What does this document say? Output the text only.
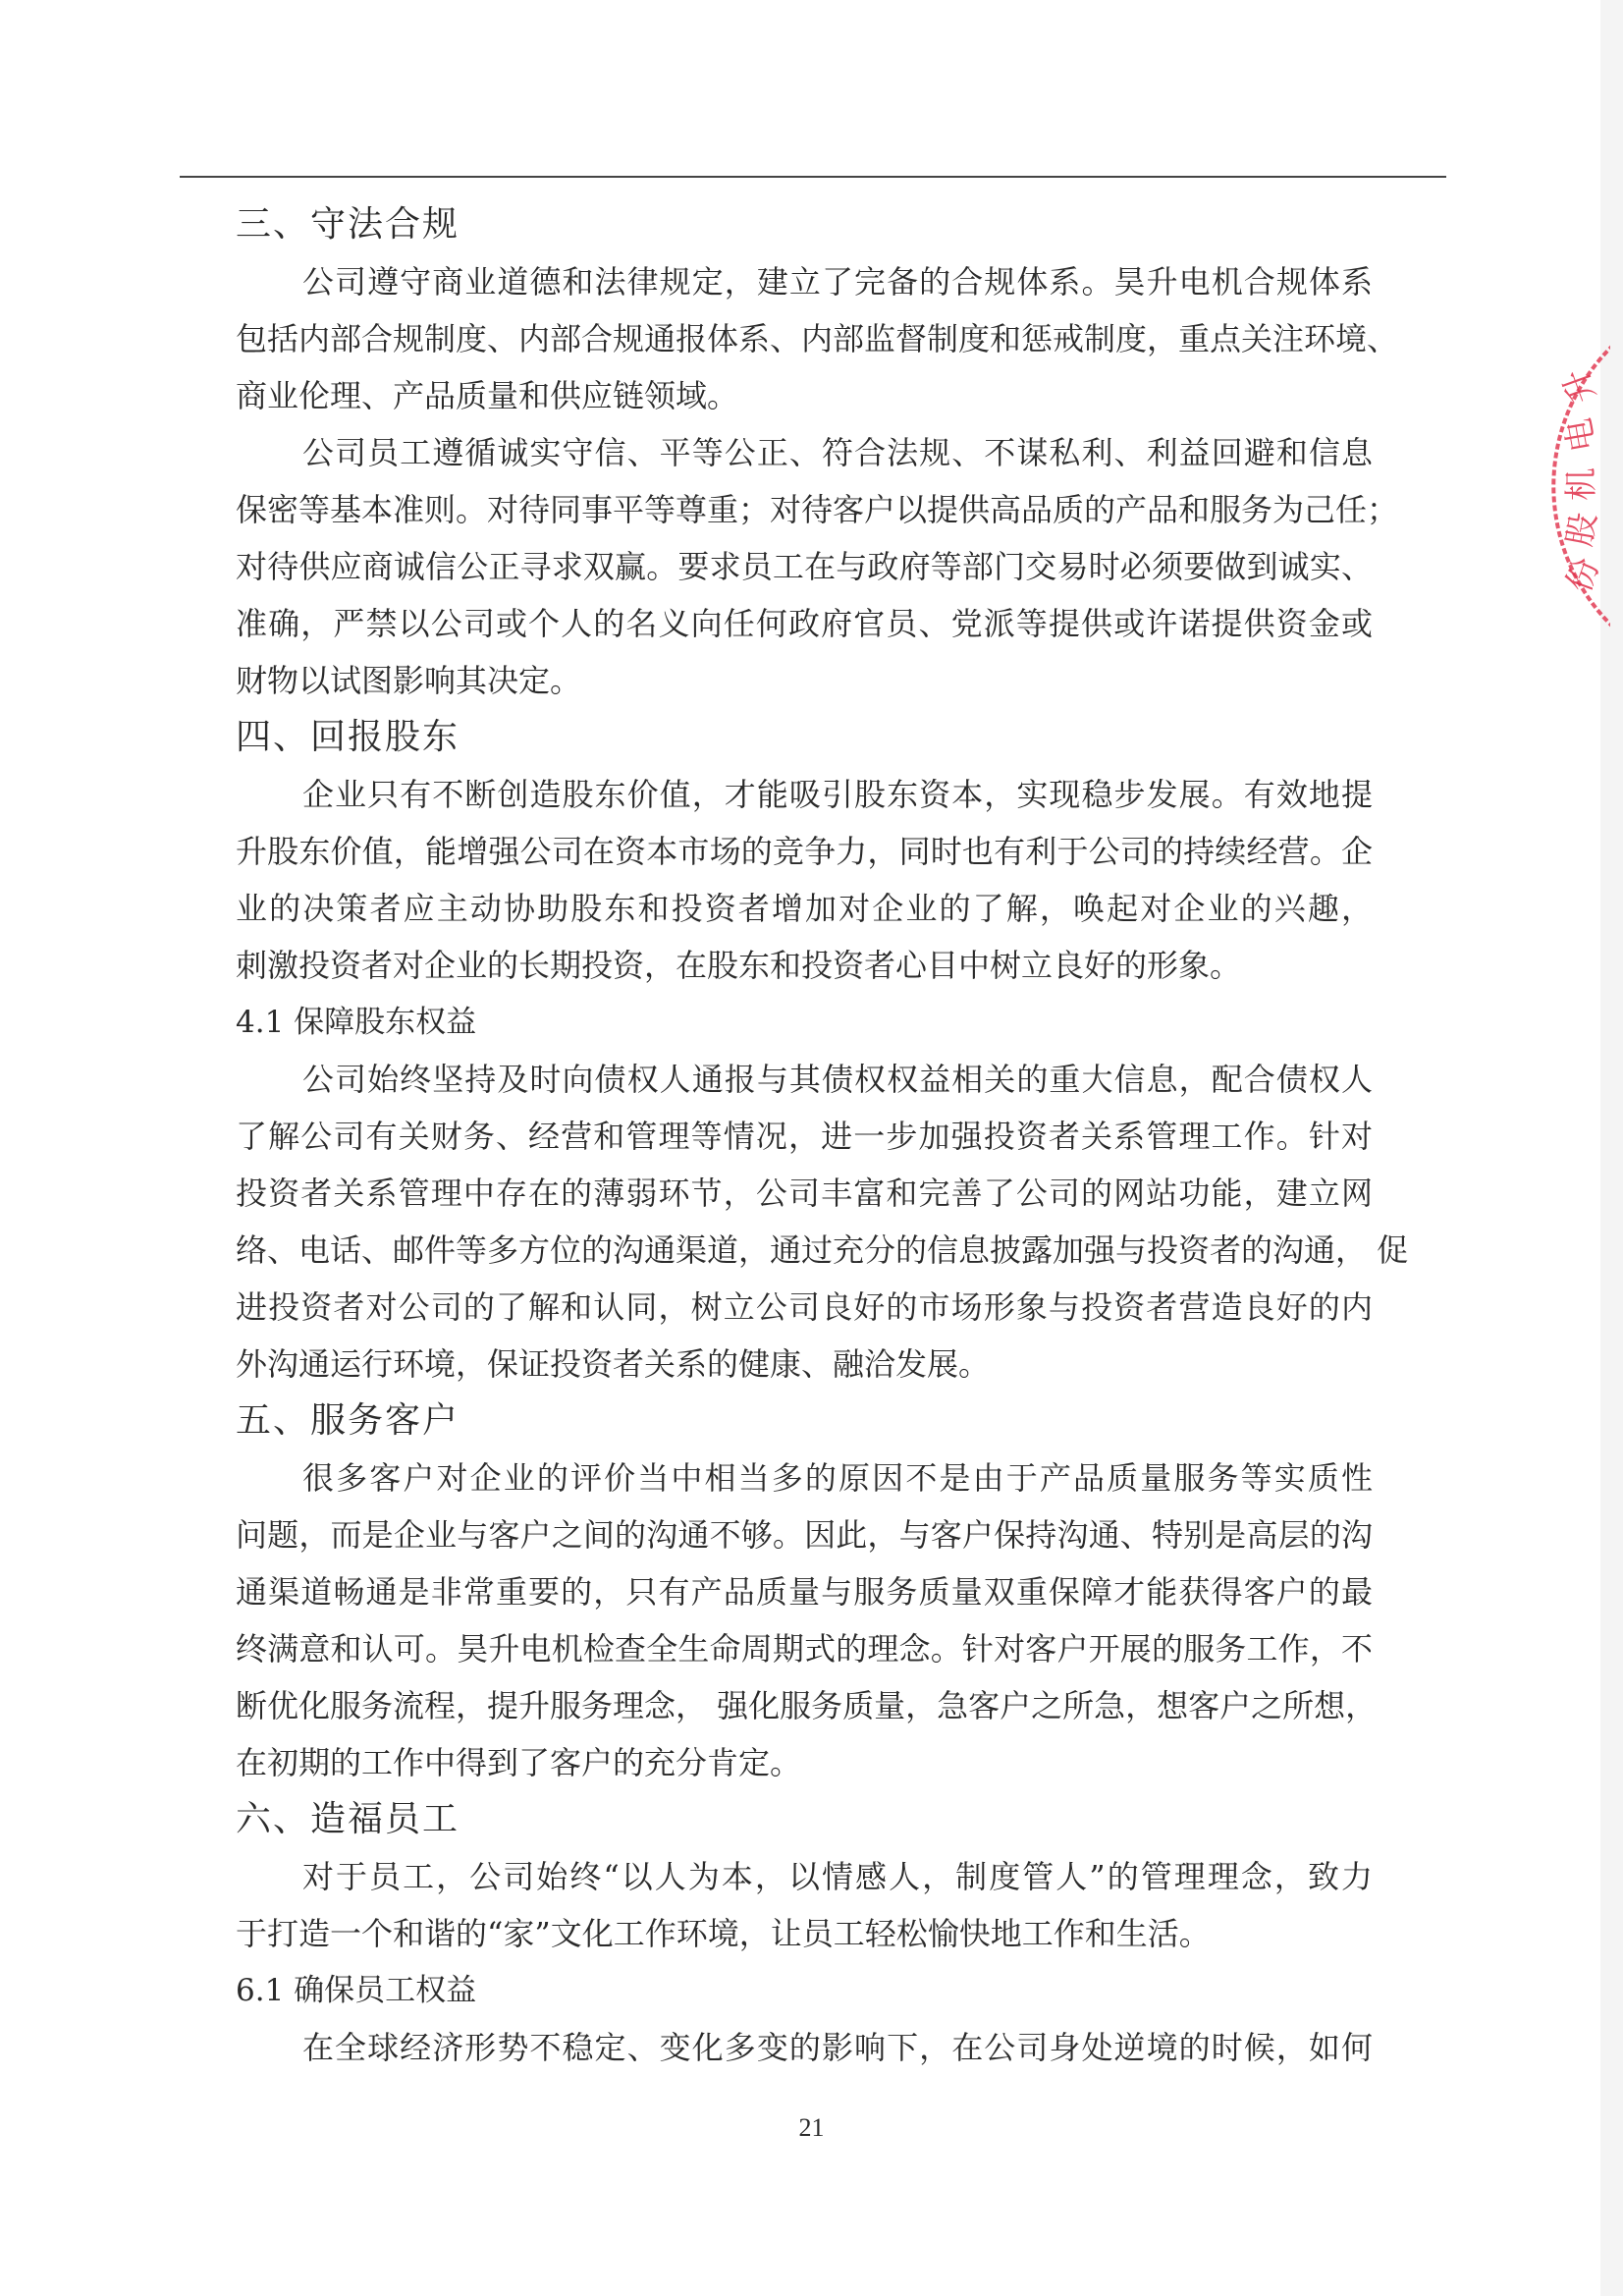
三、守法合规
公司遵守商业道德和法律规定，建立了完备的合规体系。昊升电机合规体系
包括内部合规制度、内部合规通报体系、内部监督制度和惩戒制度，重点关注环境、
商业伦理、产品质量和供应链领域。
公司员工遵循诚实守信、平等公正、符合法规、不谋私利、利益回避和信息
保密等基本准则。对待同事平等尊重；对待客户以提供高品质的产品和服务为己任；
对待供应商诚信公正寻求双赢。要求员工在与政府等部门交易时必须要做到诚实、
准确，严禁以公司或个人的名义向任何政府官员、党派等提供或许诺提供资金或
财物以试图影响其决定。
四、回报股东
企业只有不断创造股东价值，才能吸引股东资本，实现稳步发展。有效地提
升股东价值，能增强公司在资本市场的竞争力，同时也有利于公司的持续经营。企
业的决策者应主动协助股东和投资者增加对企业的了解，唤起对企业的兴趣，
刺激投资者对企业的长期投资，在股东和投资者心目中树立良好的形象。
4.1 保障股东权益
公司始终坚持及时向债权人通报与其债权权益相关的重大信息，配合债权人
了解公司有关财务、经营和管理等情况，进一步加强投资者关系管理工作。针对
投资者关系管理中存在的薄弱环节，公司丰富和完善了公司的网站功能，建立网
络、电话、邮件等多方位的沟通渠道，通过充分的信息披露加强与投资者的沟通， 促
进投资者对公司的了解和认同，树立公司良好的市场形象与投资者营造良好的内
外沟通运行环境，保证投资者关系的健康、融洽发展。
五、服务客户
很多客户对企业的评价当中相当多的原因不是由于产品质量服务等实质性
问题，而是企业与客户之间的沟通不够。因此，与客户保持沟通、特别是高层的沟
通渠道畅通是非常重要的，只有产品质量与服务质量双重保障才能获得客户的最
终满意和认可。昊升电机检查全生命周期式的理念。针对客户开展的服务工作，不
断优化服务流程，提升服务理念， 强化服务质量，急客户之所急，想客户之所想，
在初期的工作中得到了客户的充分肯定。
六、造福员工
对于员工，公司始终“以人为本，以情感人，制度管人”的管理理念，致力
于打造一个和谐的“家”文化工作环境，让员工轻松愉快地工作和生活。
6.1 确保员工权益
在全球经济形势不稳定、变化多变的影响下，在公司身处逆境的时候，如何
21
升
电
机
股
份
